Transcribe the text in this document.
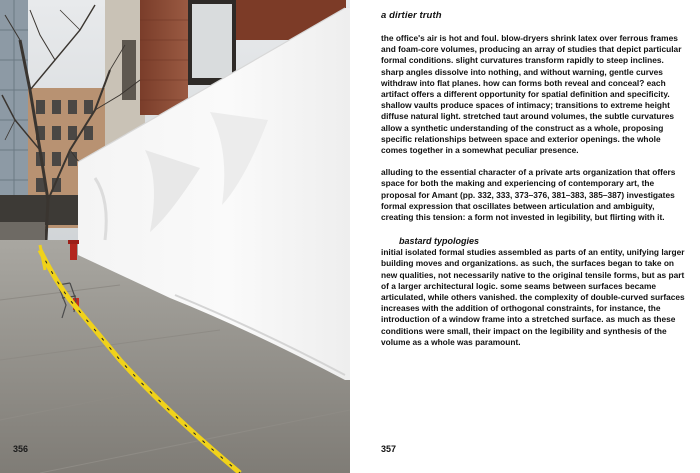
356
a dirtier truth

the office's air is hot and foul. blow-dryers shrink latex over ferrous frames and foam-core volumes, producing an array of studies that depict particular formal conditions. slight curvatures transform rapidly to steep inclines. sharp angles dissolve into nothing, and without warning, gentle curves withdraw into flat planes. how can forms both reveal and conceal? each artifact offers a different opportunity for spatial definition and specificity. shallow vaults produce spaces of intimacy; transitions to extreme height diffuse natural light. stretched taut around volumes, the subtle curvatures allow a synthetic understanding of the construct as a whole, proposing specific relationships between space and exterior openings. the whole comes together in a somewhat peculiar presence.

alluding to the essential character of a private arts organization that offers space for both the making and experiencing of contemporary art, the proposal for Amant (pp. 332, 333, 373–376, 381–383, 385–387) investigates formal expression that oscillates between articulation and ambiguity, creating this tension: a form not invested in legibility, but flirting with it.

bastard typologies

initial isolated formal studies assembled as parts of an entity, unifying larger building moves and organizations. as such, the surfaces began to take on new qualities, not necessarily native to the original tensile forms, but as part of a larger architectural logic. some seams between surfaces became articulated, while others vanished. the complexity of double-curved surfaces increases with the addition of orthogonal constraints, for instance, the introduction of a window frame into a stretched surface. as much as these conditions were small, their impact on the legibility and synthesis of the volume as a whole was paramount.

357
